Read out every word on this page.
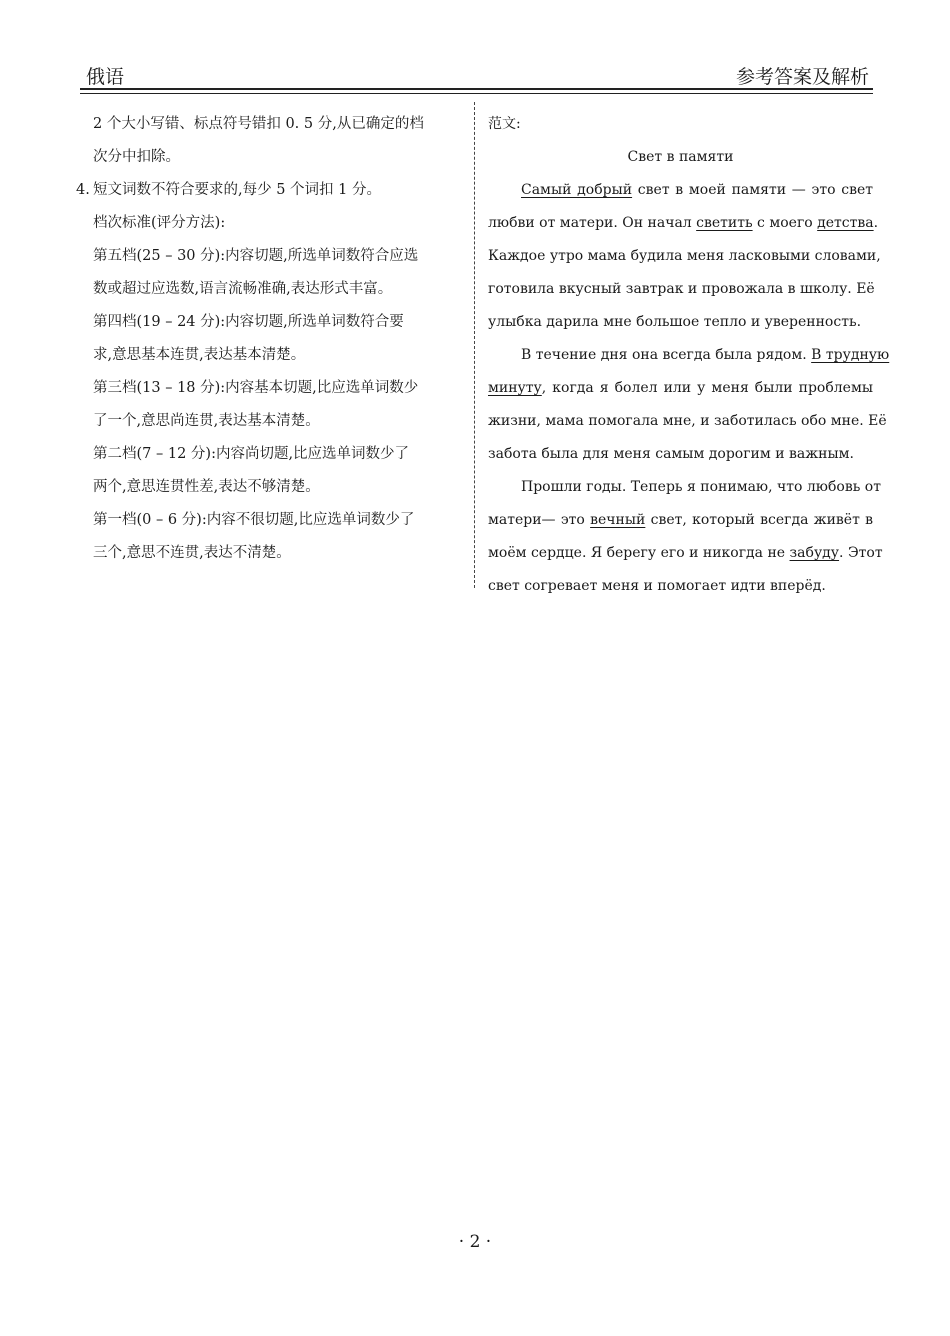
俄语	参考答案及解析
2 个大小写错、标点符号错扣 0. 5 分,从已确定的档
次分中扣除。
4. 短文词数不符合要求的,每少 5 个词扣 1 分。
档次标准(评分方法):
第五档(25 – 30 分):内容切题,所选单词数符合应选
数或超过应选数,语言流畅准确,表达形式丰富。
第四档(19 – 24 分):内容切题,所选单词数符合要
求,意思基本连贯,表达基本清楚。
第三档(13 – 18 分):内容基本切题,比应选单词数少
了一个,意思尚连贯,表达基本清楚。
第二档(7 – 12 分):内容尚切题,比应选单词数少了
两个,意思连贯性差,表达不够清楚。
第一档(0 – 6 分):内容不很切题,比应选单词数少了
三个,意思不连贯,表达不清楚。
范文:
Свет в памяти
Самый добрый свет в моей памяти — это свет
любви от матери. Он начал светить с моего детства.
Каждое утро мама будила меня ласковыми словами,
готовила вкусный завтрак и провожала в школу. Её
улыбка дарила мне большое тепло и уверенность.
В течение дня она всегда была рядом. В трудную
минуту, когда я болел или у меня были проблемы
жизни, мама помогала мне, и заботилась обо мне. Её
забота была для меня самым дорогим и важным.
Прошли годы. Теперь я понимаю, что любовь от
матери— это вечный свет, который всегда живёт в
моём сердце. Я берегу его и никогда не забуду. Этот
свет согревает меня и помогает идти вперёд.
· 2 ·
